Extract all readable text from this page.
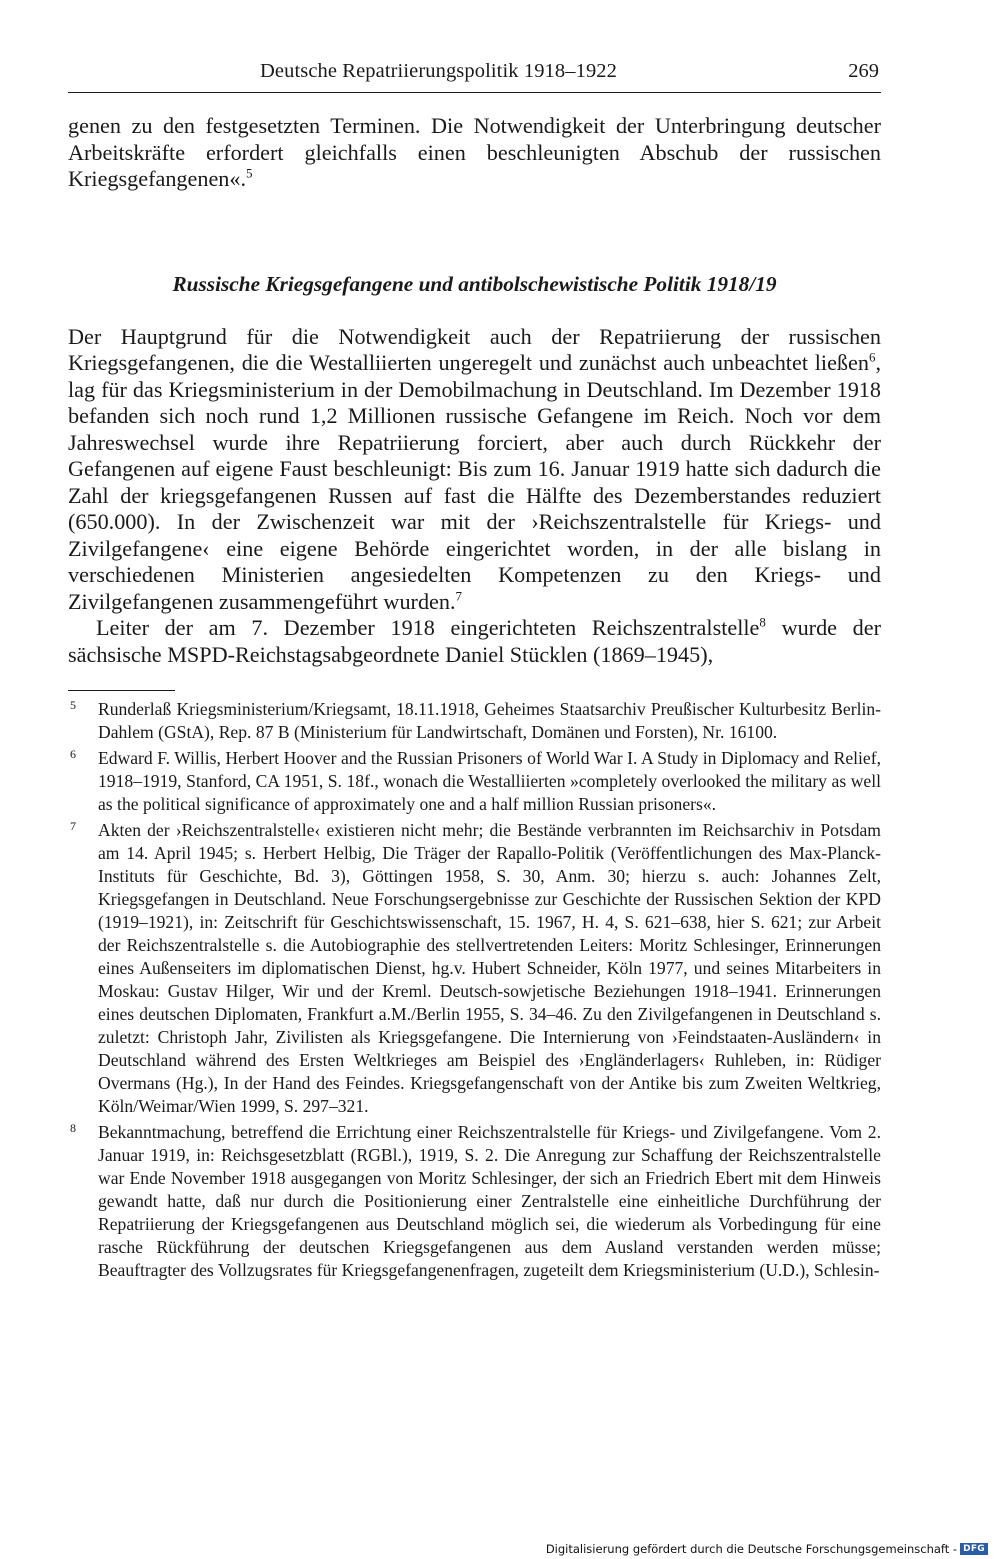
Deutsche Repatriierungspolitik 1918–1922	269

genen zu den festgesetzten Terminen. Die Notwendigkeit der Unterbringung deutscher Arbeitskräfte erfordert gleichfalls einen beschleunigten Abschub der russischen Kriegsgefangenen«.$^5$

Russische Kriegsgefangene und antibolschewistische Politik 1918/19

Der Hauptgrund für die Notwendigkeit auch der Repatriierung der russischen Kriegsgefangenen, die die Westalliierten ungeregelt und zunächst auch unbeachtet ließen$^6$, lag für das Kriegsministerium in der Demobilmachung in Deutschland. Im Dezember 1918 befanden sich noch rund 1,2 Millionen russische Gefangene im Reich. Noch vor dem Jahreswechsel wurde ihre Repatriierung forciert, aber auch durch Rückkehr der Gefangenen auf eigene Faust beschleunigt: Bis zum 16. Januar 1919 hatte sich dadurch die Zahl der kriegsgefangenen Russen auf fast die Hälfte des Dezemberstandes reduziert (650.000). In der Zwischenzeit war mit der ›Reichszentralstelle für Kriegs- und Zivilgefangene‹ eine eigene Behörde eingerichtet worden, in der alle bislang in verschiedenen Ministerien angesiedelten Kompetenzen zu den Kriegs- und Zivilgefangenen zusammengeführt wurden.$^7$

Leiter der am 7. Dezember 1918 eingerichteten Reichszentralstelle$^8$ wurde der sächsische MSPD-Reichstagsabgeordnete Daniel Stücklen (1869–1945),

5 Runderlaß Kriegsministerium/Kriegsamt, 18.11.1918, Geheimes Staatsarchiv Preußischer Kulturbesitz Berlin-Dahlem (GStA), Rep. 87 B (Ministerium für Landwirtschaft, Domänen und Forsten), Nr. 16100.

6 Edward F. Willis, Herbert Hoover and the Russian Prisoners of World War I. A Study in Diplomacy and Relief, 1918–1919, Stanford, CA 1951, S. 18f., wonach die Westalliierten »completely overlooked the military as well as the political significance of approximately one and a half million Russian prisoners«.

7 Akten der ›Reichszentralstelle‹ existieren nicht mehr; die Bestände verbrannten im Reichsarchiv in Potsdam am 14. April 1945; s. Herbert Helbig, Die Träger der Rapallo-Politik (Veröffentlichungen des Max-Planck-Instituts für Geschichte, Bd. 3), Göttingen 1958, S. 30, Anm. 30; hierzu s. auch: Johannes Zelt, Kriegsgefangen in Deutschland. Neue Forschungsergebnisse zur Geschichte der Russischen Sektion der KPD (1919–1921), in: Zeitschrift für Geschichtswissenschaft, 15. 1967, H. 4, S. 621–638, hier S. 621; zur Arbeit der Reichszentralstelle s. die Autobiographie des stellvertretenden Leiters: Moritz Schlesinger, Erinnerungen eines Außenseiters im diplomatischen Dienst, hg.v. Hubert Schneider, Köln 1977, und seines Mitarbeiters in Moskau: Gustav Hilger, Wir und der Kreml. Deutsch-sowjetische Beziehungen 1918–1941. Erinnerungen eines deutschen Diplomaten, Frankfurt a.M./Berlin 1955, S. 34–46. Zu den Zivilgefangenen in Deutschland s. zuletzt: Christoph Jahr, Zivilisten als Kriegsgefangene. Die Internierung von ›Feindstaaten-Ausländern‹ in Deutschland während des Ersten Weltkrieges am Beispiel des ›Engländerlagers‹ Ruhleben, in: Rüdiger Overmans (Hg.), In der Hand des Feindes. Kriegsgefangenschaft von der Antike bis zum Zweiten Weltkrieg, Köln/Weimar/Wien 1999, S. 297–321.

8 Bekanntmachung, betreffend die Errichtung einer Reichszentralstelle für Kriegs- und Zivilgefangene. Vom 2. Januar 1919, in: Reichsgesetzblatt (RGBl.), 1919, S. 2. Die Anregung zur Schaffung der Reichszentralstelle war Ende November 1918 ausgegangen von Moritz Schlesinger, der sich an Friedrich Ebert mit dem Hinweis gewandt hatte, daß nur durch die Positionierung einer Zentralstelle eine einheitliche Durchführung der Repatriierung der Kriegsgefangenen aus Deutschland möglich sei, die wiederum als Vorbedingung für eine rasche Rückführung der deutschen Kriegsgefangenen aus dem Ausland verstanden werden müsse; Beauftragter des Vollzugsrates für Kriegsgefangenenfragen, zugeteilt dem Kriegsministerium (U.D.), Schlesin-

Digitalisierung gefördert durch die Deutsche Forschungsgemeinschaft - DFG
